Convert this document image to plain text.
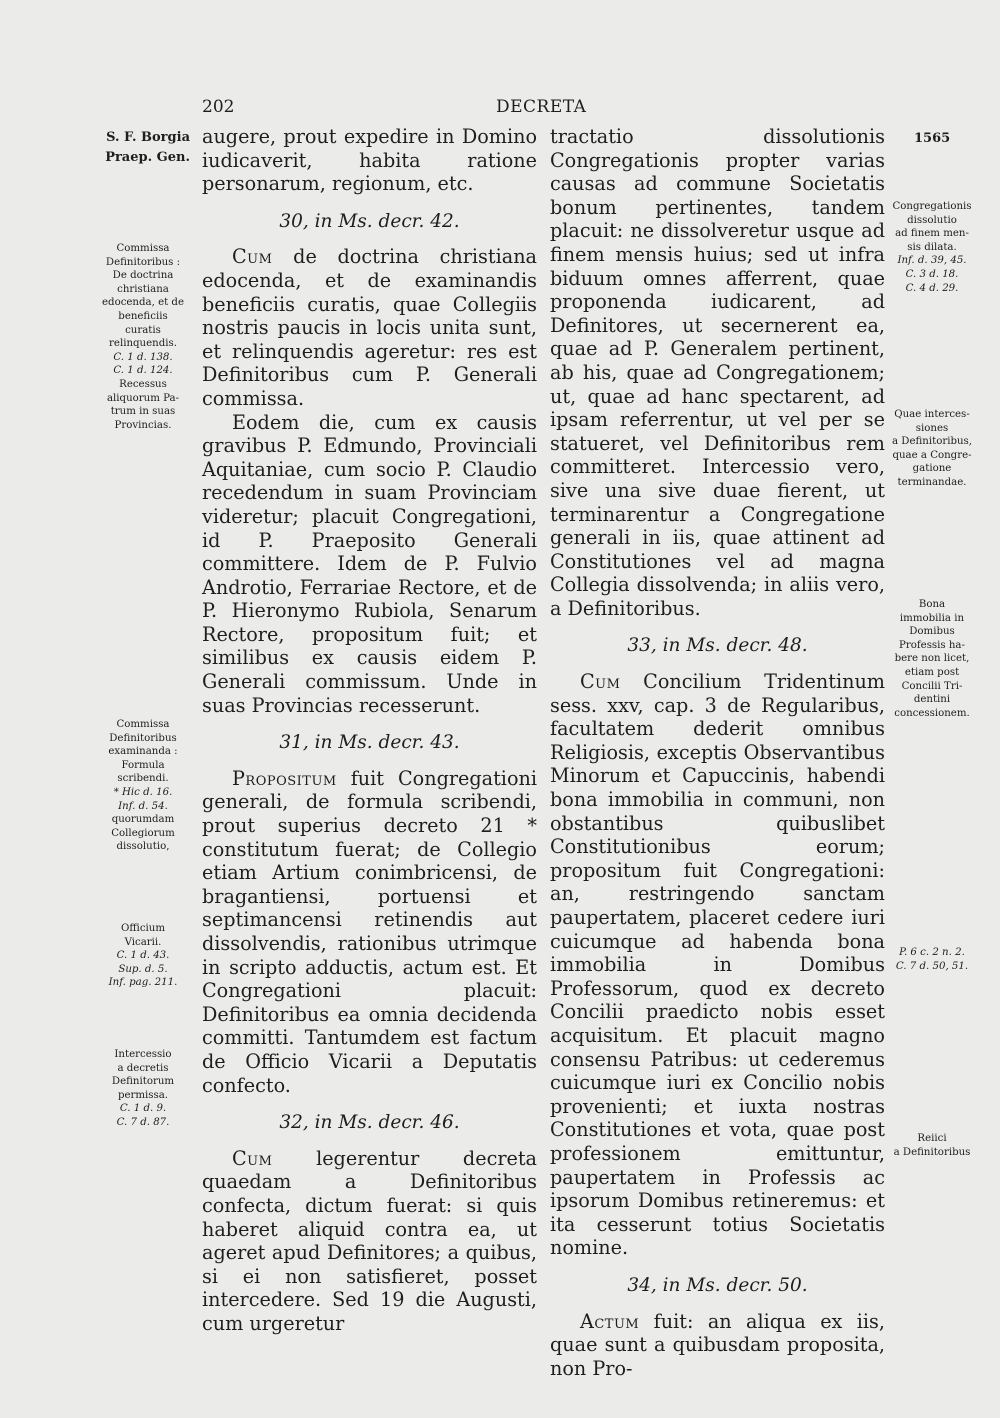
202	DECRETA
S. F. Borgia
Praep. Gen.
1565

augere, prout expedire in Domino iudicaverit, habita ratione personarum, regionum, etc.

30, in Ms. decr. 42.

Cum de doctrina christiana edocenda, et de examinandis beneficiis curatis, quae Collegiis nostris paucis in locis unita sunt, et relinquendis ageretur: res est Definitoribus cum P. Generali commissa.

Eodem die, cum ex causis gravibus P. Edmundo, Provinciali Aquitaniae, cum socio P. Claudio recedendum in suam Provinciam videretur; placuit Congregationi, id P. Praeposito Generali committere. Idem de P. Fulvio Androtio, Ferrariae Rectore, et de P. Hieronymo Rubiola, Senarum Rectore, propositum fuit; et similibus ex causis eidem P. Generali commissum. Unde in suas Provincias recesserunt.

31, in Ms. decr. 43.

Propositum fuit Congregationi generali, de formula scribendi, prout superius decreto 21 * constitutum fuerat; de Collegio etiam Artium conimbricensi, de bragantiensi, portuensi et septimancensi retinendis aut dissolvendis, rationibus utrimque in scripto adductis, actum est. Et Congregationi placuit: Definitoribus ea omnia decidenda committi. Tantumdem est factum de Officio Vicarii a Deputatis confecto.

32, in Ms. decr. 46.

Cum legerentur decreta quaedam a Definitoribus confecta, dictum fuerat: si quis haberet aliquid contra ea, ut ageret apud Definitores; a quibus, si ei non satisfieret, posset intercedere. Sed 19 die Augusti, cum urgeretur

tractatio dissolutionis Congregationis propter varias causas ad commune Societatis bonum pertinentes, tandem placuit: ne dissolveretur usque ad finem mensis huius; sed ut infra biduum omnes afferrent, quae proponenda iudicarent, ad Definitores, ut secernerent ea, quae ad P. Generalem pertinent, ab his, quae ad Congregationem; ut, quae ad hanc spectarent, ad ipsam referrentur, ut vel per se statueret, vel Definitoribus rem committeret. Intercessio vero, sive una sive duae fierent, ut terminarentur a Congregatione generali in iis, quae attinent ad Constitutiones vel ad magna Collegia dissolvenda; in aliis vero, a Definitoribus.

33, in Ms. decr. 48.

Cum Concilium Tridentinum sess. xxv, cap. 3 de Regularibus, facultatem dederit omnibus Religiosis, exceptis Observantibus Minorum et Capuccinis, habendi bona immobilia in communi, non obstantibus quibuslibet Constitutionibus eorum; propositum fuit Congregationi: an, restringendo sanctam paupertatem, placeret cedere iuri cuicumque ad habenda bona immobilia in Domibus Professorum, quod ex decreto Concilii praedicto nobis esset acquisitum. Et placuit magno consensu Patribus: ut cederemus cuicumque iuri ex Concilio nobis provenienti; et iuxta nostras Constitutiones et vota, quae post professionem emittuntur, paupertatem in Professis ac ipsorum Domibus retineremus: et ita cesserunt totius Societatis nomine.

34, in Ms. decr. 50.

Actum fuit: an aliqua ex iis, quae sunt a quibusdam proposita, non Pro-

Commissa
Definitoribus :
De doctrina
christiana
edocenda, et de
beneficiis
curatis
relinquendis.
C. 1 d. 138.
C. 1 d. 124.
Recessus
aliquorum Pa-
trum in suas
Provincias.
Commissa
Definitoribus
examinanda :
Formula
scribendi.
* Hic d. 16.
Inf. d. 54.
quorumdam
Collegiorum
dissolutio,
Officium
Vicarii.
C. 1 d. 43.
Sup. d. 5.
Inf. pag. 211.
Intercessio
a decretis
Definitorum
permissa.
C. 1 d. 9.
C. 7 d. 87.
Congregationis
dissolutio
ad finem men-
sis dilata.
Inf. d. 39, 45.
C. 3 d. 18.
C. 4 d. 29.
Quae interces-
siones
a Definitoribus,
quae a Congre-
gatione
terminandae.
Bona
immobilia in
Domibus
Professis ha-
bere non licet,
etiam post
Concilii Tri-
dentini
concessionem.
P. 6 c. 2 n. 2.
C. 7 d. 50, 51.
Reiici
a Definitoribus
